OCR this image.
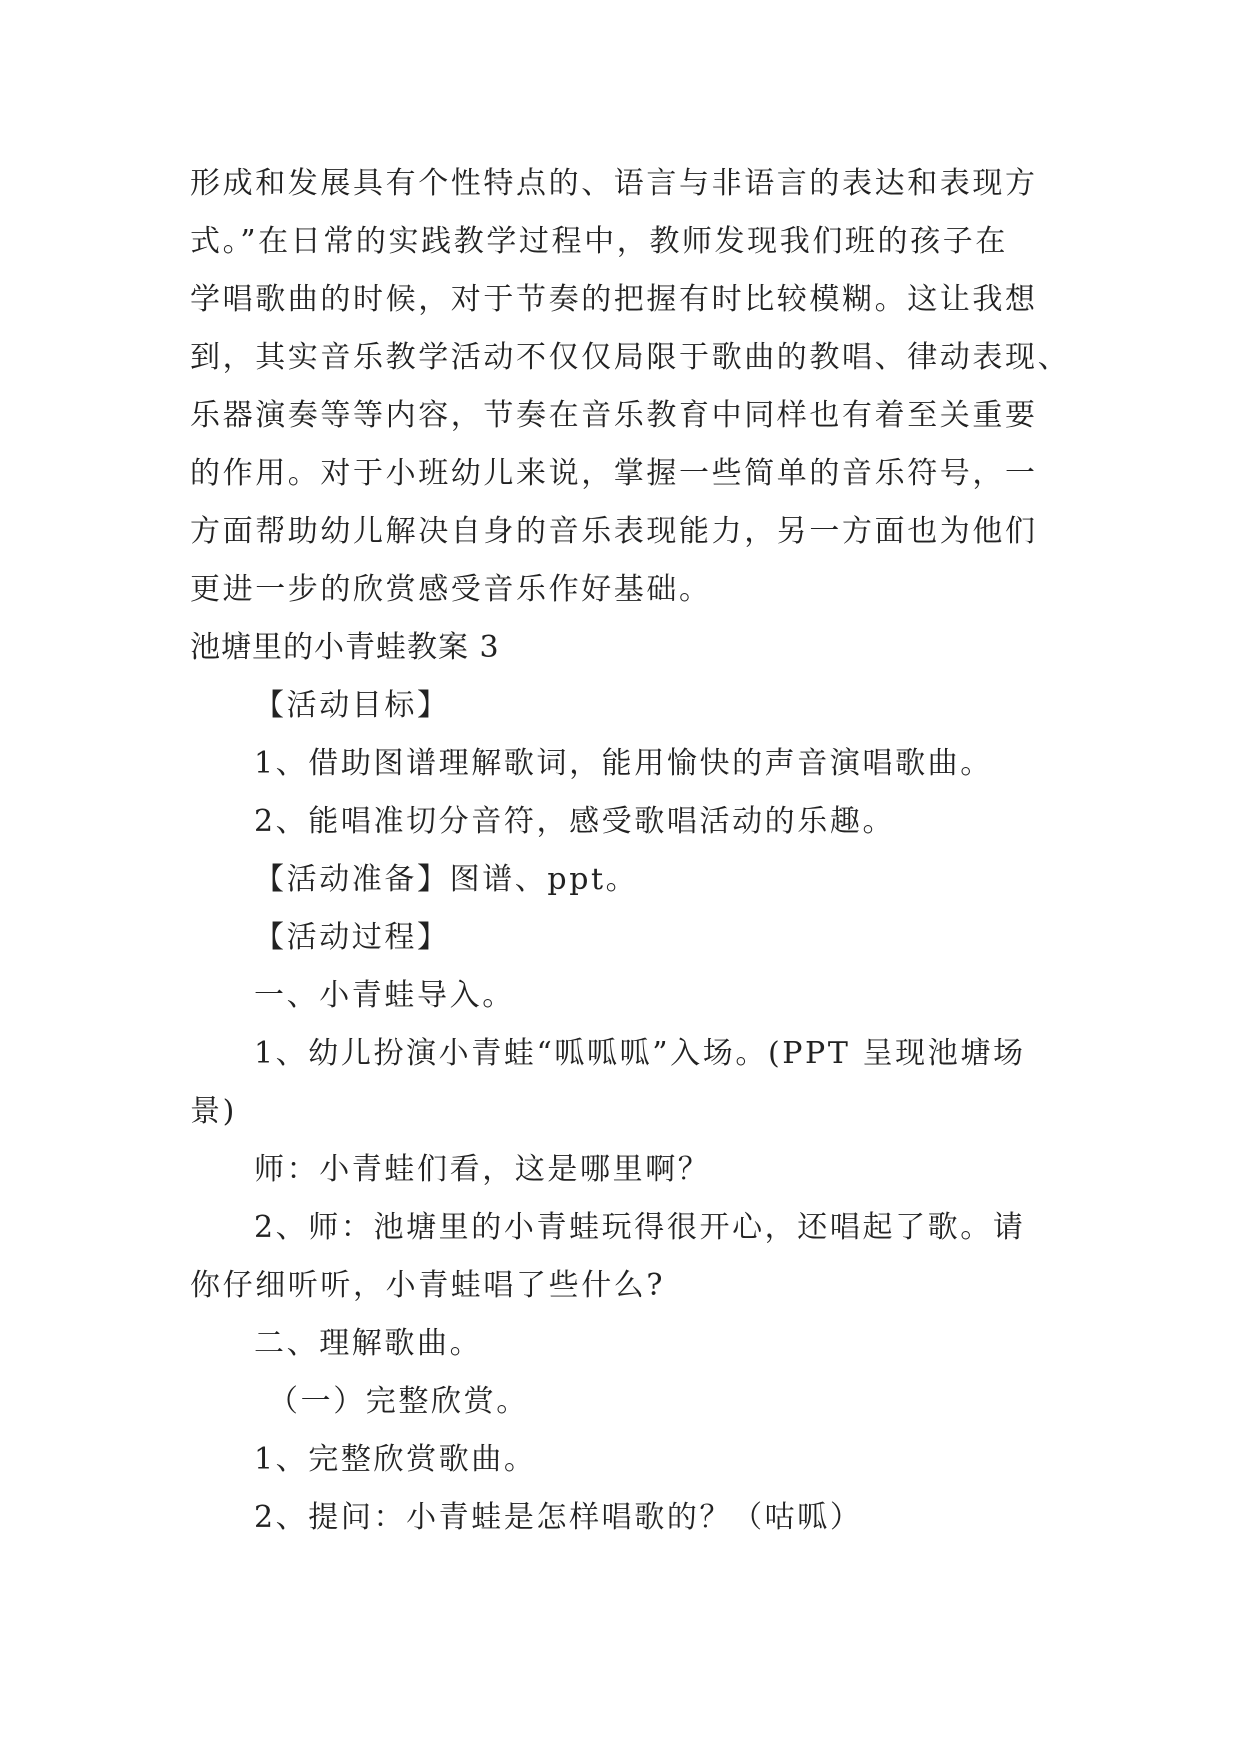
形成和发展具有个性特点的、语言与非语言的表达和表现方
式。”在日常的实践教学过程中，教师发现我们班的孩子在
学唱歌曲的时候，对于节奏的把握有时比较模糊。这让我想
到，其实音乐教学活动不仅仅局限于歌曲的教唱、律动表现、
乐器演奏等等内容，节奏在音乐教育中同样也有着至关重要
的作用。对于小班幼儿来说，掌握一些简单的音乐符号，一
方面帮助幼儿解决自身的音乐表现能力，另一方面也为他们
更进一步的欣赏感受音乐作好基础。
池塘里的小青蛙教案 3
【活动目标】
1、借助图谱理解歌词，能用愉快的声音演唱歌曲。
2、能唱准切分音符，感受歌唱活动的乐趣。
【活动准备】图谱、ppt。
【活动过程】
一、小青蛙导入。
1、幼儿扮演小青蛙“呱呱呱”入场。(PPT 呈现池塘场
景)
师：小青蛙们看，这是哪里啊？
2、师：池塘里的小青蛙玩得很开心，还唱起了歌。请
你仔细听听，小青蛙唱了些什么?
二、理解歌曲。
（一）完整欣赏。
1、完整欣赏歌曲。
2、提问：小青蛙是怎样唱歌的？（咕呱）
